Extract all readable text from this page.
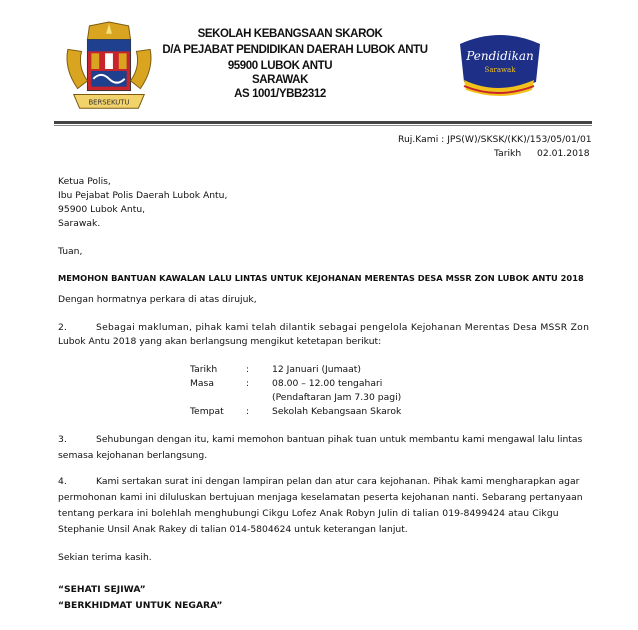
BERSEKUTU
SEKOLAH KEBANGSAAN SKAROK
D/A PEJABAT PENDIDIKAN DAERAH LUBOK ANTU
95900 LUBOK ANTU
SARAWAK
AS 1001/YBB2312
Pendidikan
Sarawak
Ruj.Kami : JPS(W)/SKSK/(KK)/153/05/01/01
Tarikh 02.01.2018
Ketua Polis,
Ibu Pejabat Polis Daerah Lubok Antu,
95900 Lubok Antu,
Sarawak.
Tuan,
MEMOHON BANTUAN KAWALAN LALU LINTAS UNTUK KEJOHANAN MERENTAS DESA MSSR ZON LUBOK ANTU 2018
Dengan hormatnya perkara di atas dirujuk,
2.	Sebagai makluman, pihak kami telah dilantik sebagai pengelola Kejohanan Merentas Desa MSSR Zon
Lubok Antu 2018 yang akan berlangsung mengikut ketetapan berikut:
Tarikh	: 12 Januari (Jumaat)
Masa	: 08.00 – 12.00 tengahari
(Pendaftaran Jam 7.30 pagi)
Tempat : Sekolah Kebangsaan Skarok
3.	Sehubungan dengan itu, kami memohon bantuan pihak tuan untuk membantu kami mengawal lalu lintas
semasa kejohanan berlangsung.
4.	Kami sertakan surat ini dengan lampiran pelan dan atur cara kejohanan. Pihak kami mengharapkan agar
permohonan kami ini diluluskan bertujuan menjaga keselamatan peserta kejohanan nanti. Sebarang pertanyaan
tentang perkara ini bolehlah menghubungi Cikgu Lofez Anak Robyn Julin di talian 019-8499424 atau Cikgu
Stephanie Unsil Anak Rakey di talian 014-5804624 untuk keterangan lanjut.
Sekian terima kasih.
“SEHATI SEJIWA”
“BERKHIDMAT UNTUK NEGARA”
